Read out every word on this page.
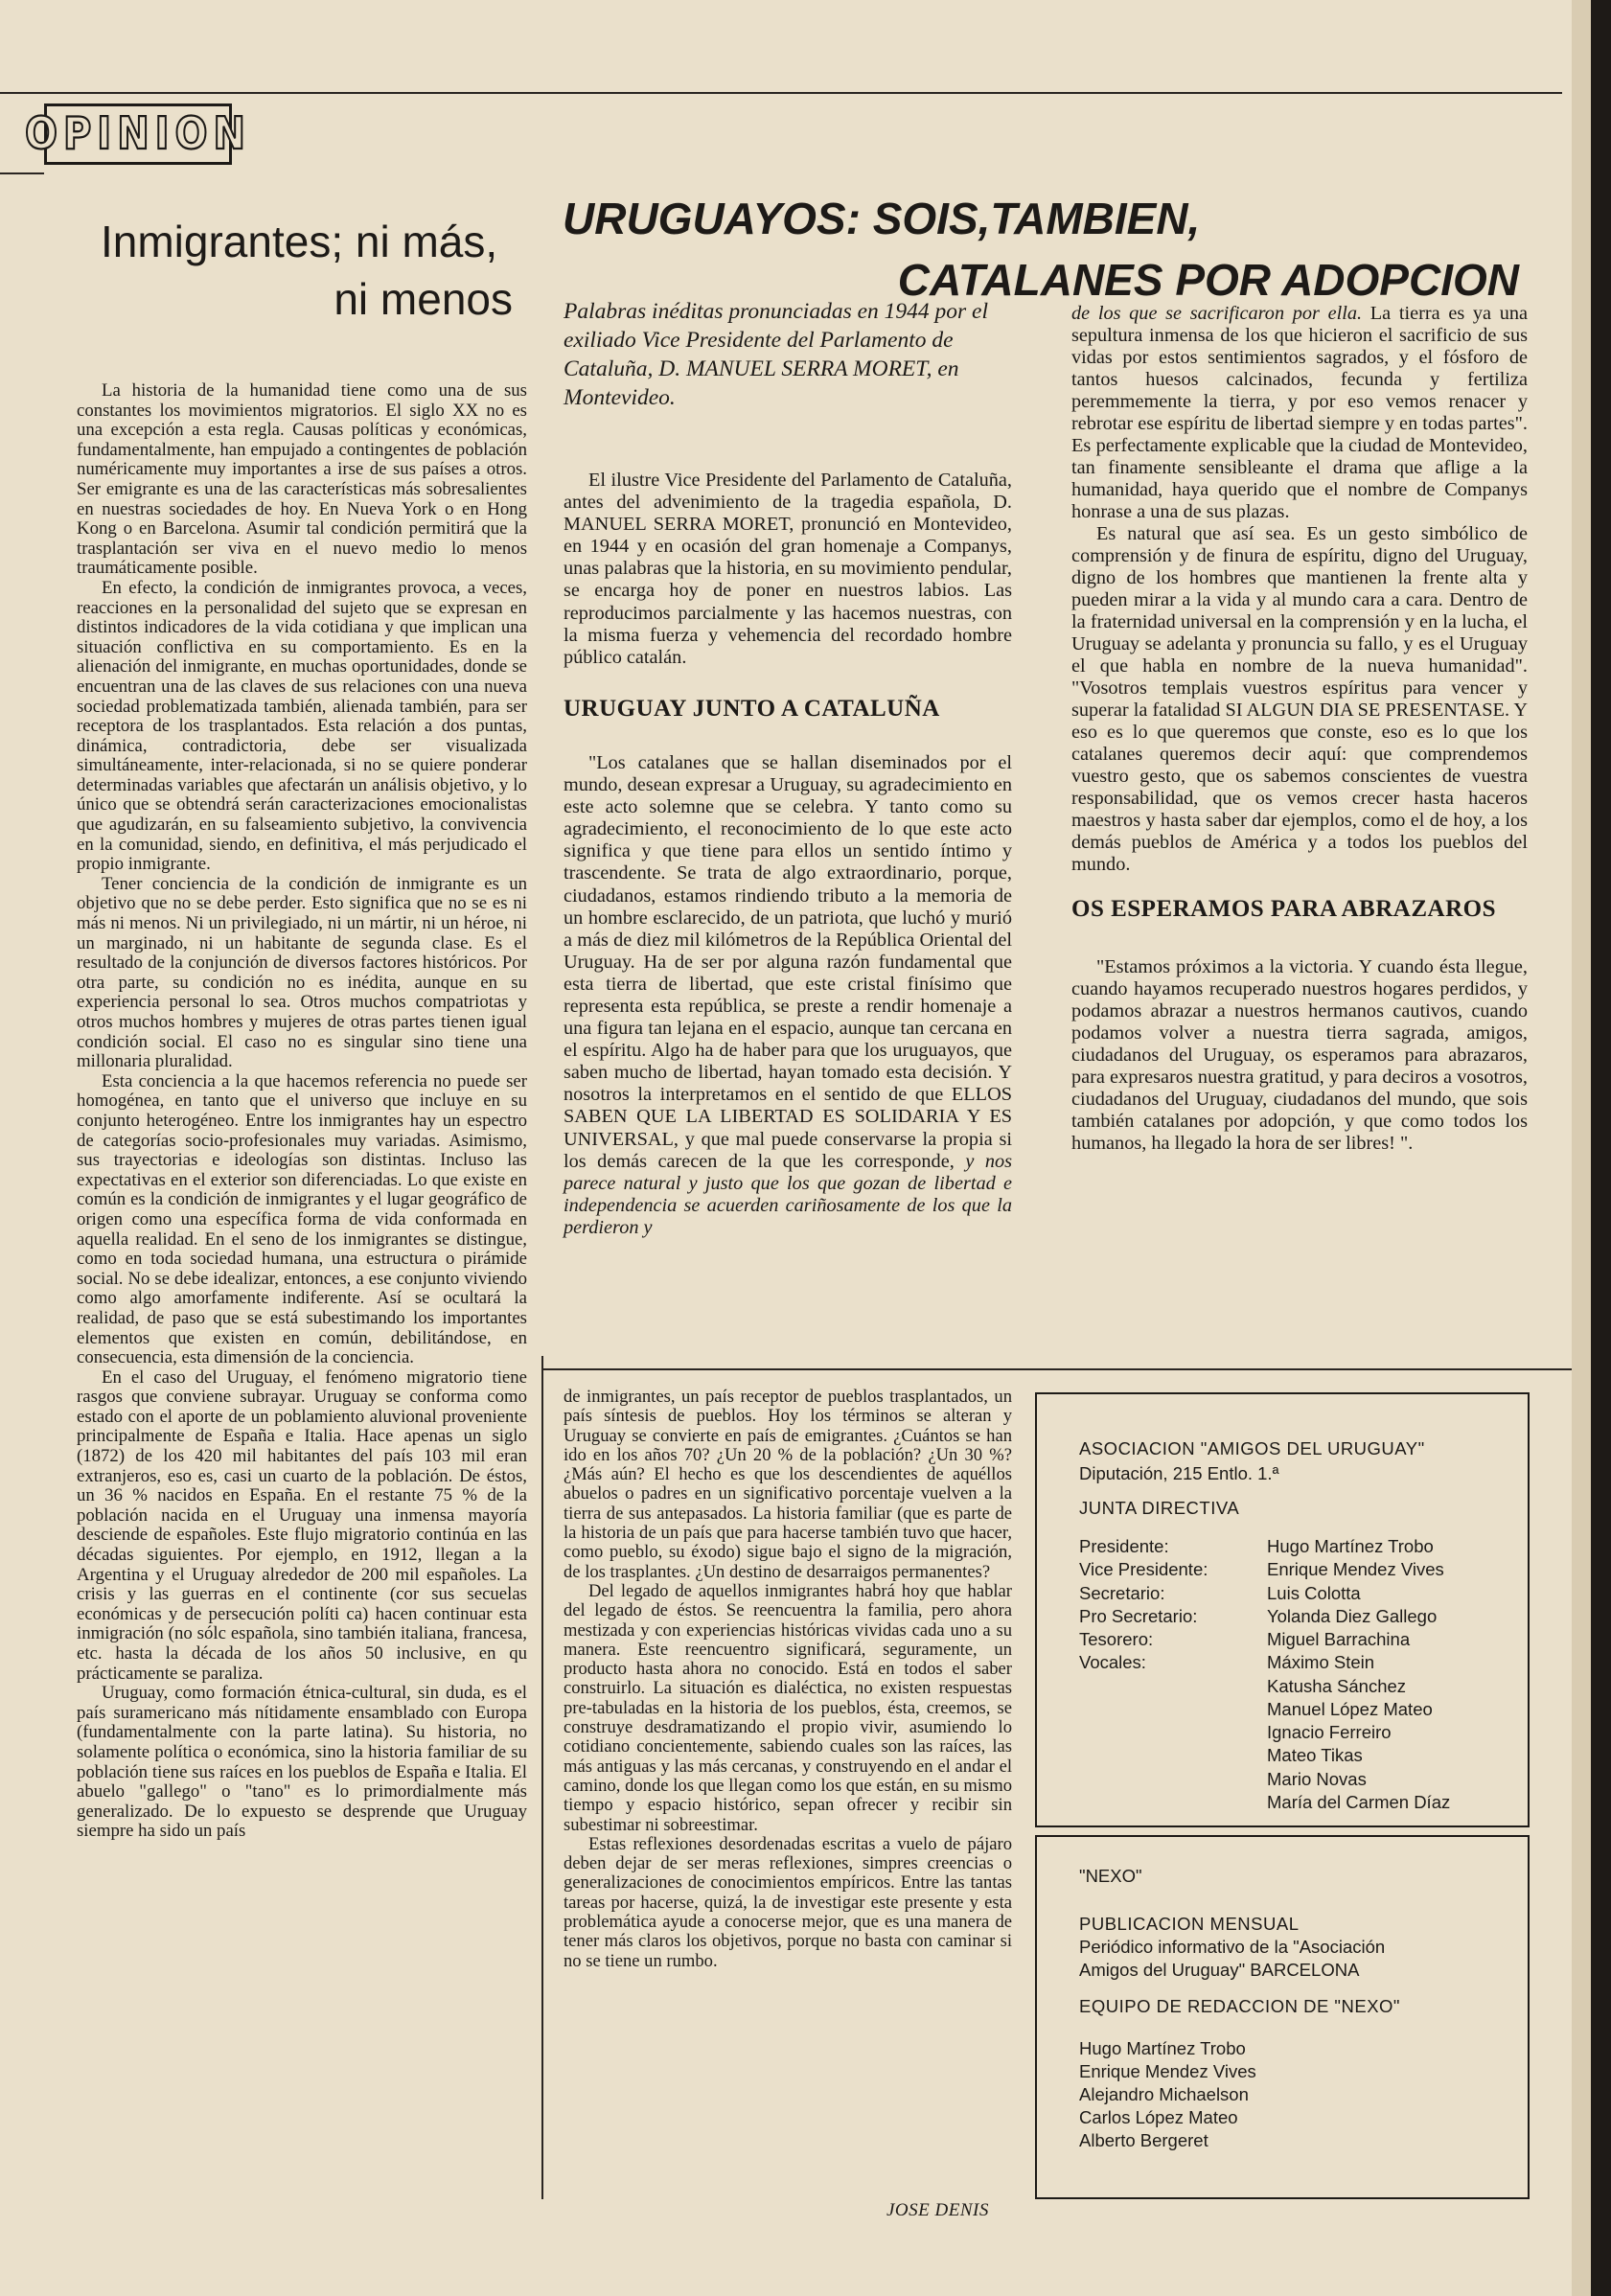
OPINION
Inmigrantes; ni más,
ni menos

La historia de la humanidad tiene como una de sus constantes los movimientos migratorios. El siglo XX no es una excepción a esta regla. Causas políticas y económicas, fundamentalmente, han empujado a contingentes de población numéricamente muy importantes a irse de sus países a otros. Ser emigrante es una de las características más sobresalientes en nuestras sociedades de hoy. En Nueva York o en Hong Kong o en Barcelona. Asumir tal condición permitirá que la trasplantación ser viva en el nuevo medio lo menos traumáticamente posible.

En efecto, la condición de inmigrantes provoca, a veces, reacciones en la personalidad del sujeto que se expresan en distintos indicadores de la vida cotidiana y que implican una situación conflictiva en su comportamiento. Es en la alienación del inmigrante, en muchas oportunidades, donde se encuentran una de las claves de sus relaciones con una nueva sociedad problematizada también, alienada también, para ser receptora de los trasplantados. Esta relación a dos puntas, dinámica, contradictoria, debe ser visualizada simultáneamente, inter-relacionada, si no se quiere ponderar determinadas variables que afectarán un análisis objetivo, y lo único que se obtendrá serán caracterizaciones emocionalistas que agudizarán, en su falseamiento subjetivo, la convivencia en la comunidad, siendo, en definitiva, el más perjudicado el propio inmigrante.

Tener conciencia de la condición de inmigrante es un objetivo que no se debe perder. Esto significa que no se es ni más ni menos. Ni un privilegiado, ni un mártir, ni un héroe, ni un marginado, ni un habitante de segunda clase. Es el resultado de la conjunción de diversos factores históricos. Por otra parte, su condición no es inédita, aunque en su experiencia personal lo sea. Otros muchos compatriotas y otros muchos hombres y mujeres de otras partes tienen igual condición social. El caso no es singular sino tiene una millonaria pluralidad.

Esta conciencia a la que hacemos referencia no puede ser homogénea, en tanto que el universo que incluye en su conjunto heterogéneo. Entre los inmigrantes hay un espectro de categorías socio-profesionales muy variadas. Asimismo, sus trayectorias e ideologías son distintas. Incluso las expectativas en el exterior son diferenciadas. Lo que existe en común es la condición de inmigrantes y el lugar geográfico de origen como una específica forma de vida conformada en aquella realidad. En el seno de los inmigrantes se distingue, como en toda sociedad humana, una estructura o pirámide social. No se debe idealizar, entonces, a ese conjunto viviendo como algo amorfamente indiferente. Así se ocultará la realidad, de paso que se está subestimando los importantes elementos que existen en común, debilitándose, en consecuencia, esta dimensión de la conciencia.

En el caso del Uruguay, el fenómeno migratorio tiene rasgos que conviene subrayar. Uruguay se conforma como estado con el aporte de un poblamiento aluvional proveniente principalmente de España e Italia. Hace apenas un siglo (1872) de los 420 mil habitantes del país 103 mil eran extranjeros, eso es, casi un cuarto de la población. De éstos, un 36 % nacidos en España. En el restante 75 % de la población nacida en el Uruguay una inmensa mayoría desciende de españoles. Este flujo migratorio continúa en las décadas siguientes. Por ejemplo, en 1912, llegan a la Argentina y el Uruguay alrededor de 200 mil españoles. La crisis y las guerras en el continente (cor sus secuelas económicas y de persecución políti ca) hacen continuar esta inmigración (no sólc española, sino también italiana, francesa, etc. hasta la década de los años 50 inclusive, en qu prácticamente se paraliza.

Uruguay, como formación étnica-cultural, sin duda, es el país suramericano más nítidamente ensamblado con Europa (fundamentalmente con la parte latina). Su historia, no solamente política o económica, sino la historia familiar de su población tiene sus raíces en los pueblos de España e Italia. El abuelo "gallego" o "tano" es lo primordialmente más generalizado. De lo expuesto se desprende que Uruguay siempre ha sido un país

URUGUAYOS: SOIS,TAMBIEN,
CATALANES POR ADOPCION
Palabras inéditas pronunciadas en 1944 por el exiliado Vice Presidente del Parlamento de Cataluña, D. MANUEL SERRA MORET, en Montevideo.

El ilustre Vice Presidente del Parlamento de Cataluña, antes del advenimiento de la tragedia española, D. MANUEL SERRA MORET, pronunció en Montevideo, en 1944 y en ocasión del gran homenaje a Companys, unas palabras que la historia, en su movimiento pendular, se encarga hoy de poner en nuestros labios. Las reproducimos parcialmente y las hacemos nuestras, con la misma fuerza y vehemencia del recordado hombre público catalán.

URUGUAY JUNTO A CATALUÑA

"Los catalanes que se hallan diseminados por el mundo, desean expresar a Uruguay, su agradecimiento en este acto solemne que se celebra. Y tanto como su agradecimiento, el reconocimiento de lo que este acto significa y que tiene para ellos un sentido íntimo y trascendente. Se trata de algo extraordinario, porque, ciudadanos, estamos rindiendo tributo a la memoria de un hombre esclarecido, de un patriota, que luchó y murió a más de diez mil kilómetros de la República Oriental del Uruguay. Ha de ser por alguna razón fundamental que esta tierra de libertad, que este cristal finísimo que representa esta república, se preste a rendir homenaje a una figura tan lejana en el espacio, aunque tan cercana en el espíritu. Algo ha de haber para que los uruguayos, que saben mucho de libertad, hayan tomado esta decisión. Y nosotros la interpretamos en el sentido de que ELLOS SABEN QUE LA LIBERTAD ES SOLIDARIA Y ES UNIVERSAL, y que mal puede conservarse la propia si los demás carecen de la que les corresponde, y nos parece natural y justo que los que gozan de libertad e independencia se acuerden cariñosamente de los que la perdieron y

de los que se sacrificaron por ella. La tierra es ya una sepultura inmensa de los que hicieron el sacrificio de sus vidas por estos sentimientos sagrados, y el fósforo de tantos huesos calcinados, fecunda y fertiliza peremmemente la tierra, y por eso vemos renacer y rebrotar ese espíritu de libertad siempre y en todas partes". Es perfectamente explicable que la ciudad de Montevideo, tan finamente sensibleante el drama que aflige a la humanidad, haya querido que el nombre de Companys honrase a una de sus plazas.

Es natural que así sea. Es un gesto simbólico de comprensión y de finura de espíritu, digno del Uruguay, digno de los hombres que mantienen la frente alta y pueden mirar a la vida y al mundo cara a cara. Dentro de la fraternidad universal en la comprensión y en la lucha, el Uruguay se adelanta y pronuncia su fallo, y es el Uruguay el que habla en nombre de la nueva humanidad". "Vosotros templais vuestros espíritus para vencer y superar la fatalidad SI ALGUN DIA SE PRESENTASE. Y eso es lo que queremos que conste, eso es lo que los catalanes queremos decir aquí: que comprendemos vuestro gesto, que os sabemos conscientes de vuestra responsabilidad, que os vemos crecer hasta haceros maestros y hasta saber dar ejemplos, como el de hoy, a los demás pueblos de América y a todos los pueblos del mundo.

OS ESPERAMOS PARA ABRAZAROS

"Estamos próximos a la victoria. Y cuando ésta llegue, cuando hayamos recuperado nuestros hogares perdidos, y podamos abrazar a nuestros hermanos cautivos, cuando podamos volver a nuestra tierra sagrada, amigos, ciudadanos del Uruguay, os esperamos para abrazaros, para expresaros nuestra gratitud, y para deciros a vosotros, ciudadanos del Uruguay, ciudadanos del mundo, que sois también catalanes por adopción, y que como todos los humanos, ha llegado la hora de ser libres! ".

de inmigrantes, un país receptor de pueblos trasplantados, un país síntesis de pueblos. Hoy los términos se alteran y Uruguay se convierte en país de emigrantes. ¿Cuántos se han ido en los años 70? ¿Un 20 % de la población? ¿Un 30 %? ¿Más aún? El hecho es que los descendientes de aquéllos abuelos o padres en un significativo porcentaje vuelven a la tierra de sus antepasados. La historia familiar (que es parte de la historia de un país que para hacerse también tuvo que hacer, como pueblo, su éxodo) sigue bajo el signo de la migración, de los trasplantes. ¿Un destino de desarraigos permanentes?

Del legado de aquellos inmigrantes habrá hoy que hablar del legado de éstos. Se reencuentra la familia, pero ahora mestizada y con experiencias históricas vividas cada uno a su manera. Este reencuentro significará, seguramente, un producto hasta ahora no conocido. Está en todos el saber construirlo. La situación es dialéctica, no existen respuestas pre-tabuladas en la historia de los pueblos, ésta, creemos, se construye desdramatizando el propio vivir, asumiendo lo cotidiano concientemente, sabiendo cuales son las raíces, las más antiguas y las más cercanas, y construyendo en el andar el camino, donde los que llegan como los que están, en su mismo tiempo y espacio histórico, sepan ofrecer y recibir sin subestimar ni sobreestimar.

Estas reflexiones desordenadas escritas a vuelo de pájaro deben dejar de ser meras reflexiones, simpres creencias o generalizaciones de conocimientos empíricos. Entre las tantas tareas por hacerse, quizá, la de investigar este presente y esta problemática ayude a conocerse mejor, que es una manera de tener más claros los objetivos, porque no basta con caminar si no se tiene un rumbo.

JOSE DENIS
ASOCIACION "AMIGOS DEL URUGUAY"
Diputación, 215 Entlo. 1.ª
JUNTA DIRECTIVA
Presidente:	Hugo Martínez Trobo
Vice Presidente:	Enrique Mendez Vives
Secretario:	Luis Colotta
Pro Secretario:	Yolanda Diez Gallego
Tesorero:	Miguel Barrachina
Vocales:	Máximo Stein
Katusha Sánchez
Manuel López Mateo
Ignacio Ferreiro
Mateo Tikas
Mario Novas
María del Carmen Díaz
"NEXO"
PUBLICACION MENSUAL
Periódico informativo de la "Asociación
Amigos del Uruguay" BARCELONA
EQUIPO DE REDACCION DE "NEXO"
Hugo Martínez Trobo
Enrique Mendez Vives
Alejandro Michaelson
Carlos López Mateo
Alberto Bergeret
